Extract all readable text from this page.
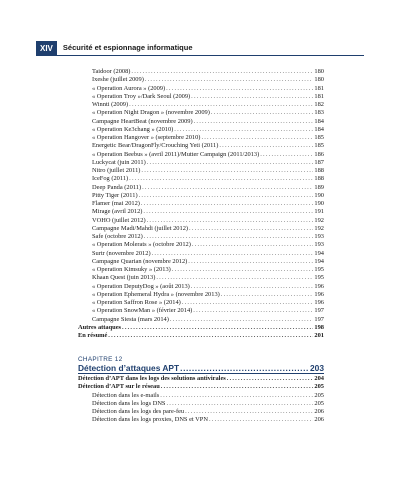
XIV	Sécurité et espionnage informatique
Taidoor (2008) .....	180
Ixeshe (juillet 2009) .....	180
« Operation Aurora » (2009) .....	181
« Operation Troy »/Dark Seoul (2009) .....	181
Winnti (2009) .....	182
« Operation Night Dragon » (novembre 2009) .....	183
Campagne HeartBeat (novembre 2009) .....	184
« Operation Ke3chang » (2010) .....	184
« Operation Hangover » (septembre 2010) .....	185
Energetic Bear/DragonFly/Crouching Yeti (2011) .....	185
« Operation Beebus » (avril 2011)/Mutter Campaign (2011/2013) .....	186
Luckycat (juin 2011) .....	187
Nitro (juillet 2011) .....	188
IceFog (2011) .....	188
Deep Panda (2011) .....	189
Pitty Tiger (2011) .....	190
Flamer (mai 2012) .....	190
Mirage (avril 2012) .....	191
VOHO (juillet 2012) .....	192
Campagne Madi/Mahdi (juillet 2012) .....	192
Safe (octobre 2012) .....	193
« Operation Molerats » (octobre 2012) .....	193
Surtr (novembre 2012) .....	194
Campagne Quarian (novembre 2012) .....	194
« Operation Kimsuky » (2013) .....	195
Khaan Quest (juin 2013) .....	195
« Operation DeputyDog » (août 2013) .....	196
« Operation Ephemeral Hydra » (novembre 2013) .....	196
« Operation Saffron Rose » (2014) .....	196
« Operation SnowMan » (février 2014) .....	197
Campagne Siesta (mars 2014) .....	197
Autres attaques .....	198
En résumé .....	201
CHAPITRE 12
Détection d’attaques APT .....	203
Détection d’APT dans les logs des solutions antivirales .....	204
Détection d’APT sur le réseau .....	205
Détection dans les e-mails .....	205
Détection dans les logs DNS .....	205
Détection dans les logs des pare-feu .....	206
Détection dans les logs proxies, DNS et VPN .....	206
